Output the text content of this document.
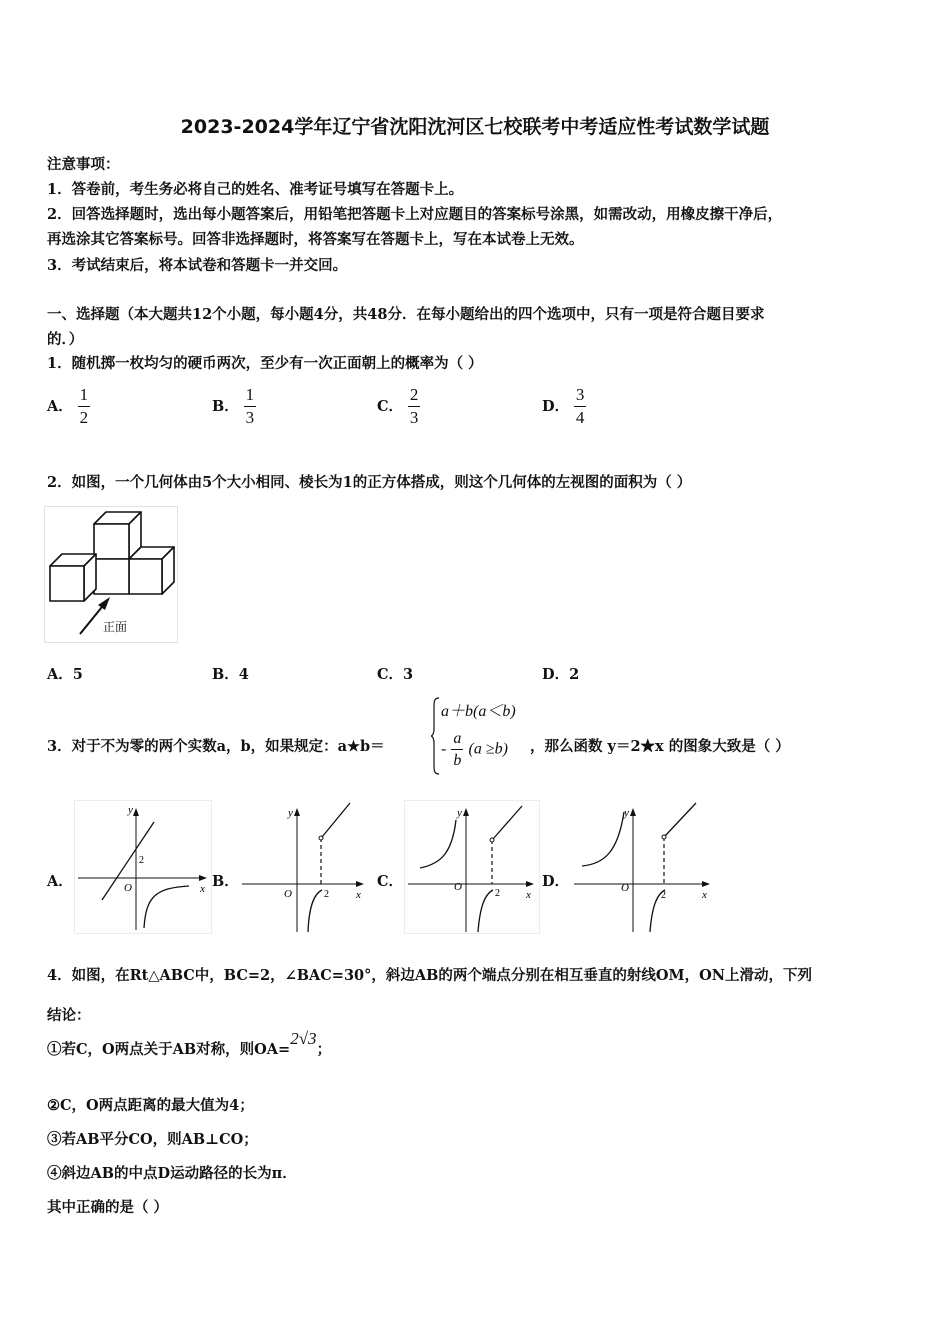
2023-2024学年辽宁省沈阳沈河区七校联考中考适应性考试数学试题
注意事项：
1．答卷前，考生务必将自己的姓名、准考证号填写在答题卡上。
2．回答选择题时，选出每小题答案后，用铅笔把答题卡上对应题目的答案标号涂黑，如需改动，用橡皮擦干净后，
再选涂其它答案标号。回答非选择题时，将答案写在答题卡上，写在本试卷上无效。
3．考试结束后，将本试卷和答题卡一并交回。
一、选择题（本大题共12个小题，每小题4分，共48分．在每小题给出的四个选项中，只有一项是符合题目要求
的．）
1．随机掷一枚均匀的硬币两次，至少有一次正面朝上的概率为（ ）
A． $\frac{1}{2}$	B． $\frac{1}{3}$	C． $\frac{2}{3}$	D． $\frac{3}{4}$
2．如图，一个几何体由5个大小相同、棱长为1的正方体搭成，则这个几何体的左视图的面积为（ ）
正面
A．5	B．4	C．3	D．2
3．对于不为零的两个实数a，b，如果规定：a★b＝
a＋b(a＜b)
- $\frac{a}{b} (a \ge b)$ ，那么函数 y＝2★x 的图象大致是（ ）
A．	B．	C．	D．
y
x
O
2
y
x
O	2
y
x
O
2
y
x
O
2
4．如图，在Rt△ABC中，BC=2，∠BAC=30°，斜边AB的两个端点分别在相互垂直的射线OM，ON上滑动，下列
结论：
①若C，O两点关于AB对称，则OA=2√3；
②C，O两点距离的最大值为4；
③若AB平分CO，则AB⊥CO；
④斜边AB的中点D运动路径的长为π．
其中正确的是（ ）
